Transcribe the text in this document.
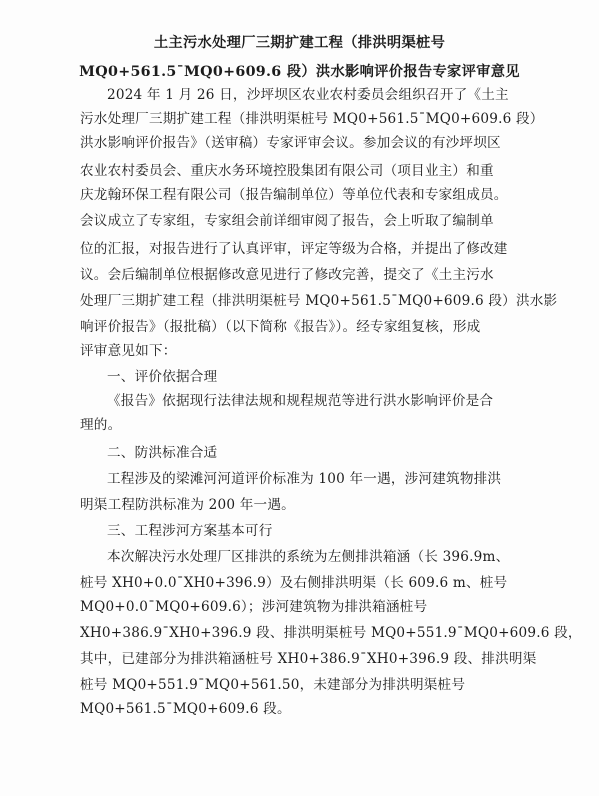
土主污水处理厂三期扩建工程（排洪明渠桩号
MQ0+561.5¯MQ0+609.6 段）洪水影响评价报告专家评审意见
2024 年 1 月 26 日，沙坪坝区农业农村委员会组织召开了《土主
污水处理厂三期扩建工程（排洪明渠桩号 MQ0+561.5¯MQ0+609.6 段）
洪水影响评价报告》（送审稿）专家评审会议。参加会议的有沙坪坝区
农业农村委员会、重庆水务环境控股集团有限公司（项目业主）和重
庆龙翰环保工程有限公司（报告编制单位）等单位代表和专家组成员。
会议成立了专家组，专家组会前详细审阅了报告，会上听取了编制单
位的汇报，对报告进行了认真评审，评定等级为合格，并提出了修改建
议。会后编制单位根据修改意见进行了修改完善，提交了《土主污水
处理厂三期扩建工程（排洪明渠桩号 MQ0+561.5¯MQ0+609.6 段）洪水影
响评价报告》（报批稿）（以下简称《报告》）。经专家组复核，形成
评审意见如下：
一、评价依据合理
《报告》依据现行法律法规和规程规范等进行洪水影响评价是合
理的。
二、防洪标准合适
工程涉及的梁滩河河道评价标准为 100 年一遇，涉河建筑物排洪
明渠工程防洪标准为 200 年一遇。
三、工程涉河方案基本可行
本次解决污水处理厂区排洪的系统为左侧排洪箱涵（长 396.9m、
桩号 XH0+0.0¯XH0+396.9）及右侧排洪明渠（长 609.6 m、桩号
MQ0+0.0¯MQ0+609.6）；涉河建筑物为排洪箱涵桩号
XH0+386.9¯XH0+396.9 段、排洪明渠桩号 MQ0+551.9¯MQ0+609.6 段，
其中，已建部分为排洪箱涵桩号 XH0+386.9¯XH0+396.9 段、排洪明渠
桩号 MQ0+551.9¯MQ0+561.50，未建部分为排洪明渠桩号
MQ0+561.5¯MQ0+609.6 段。
